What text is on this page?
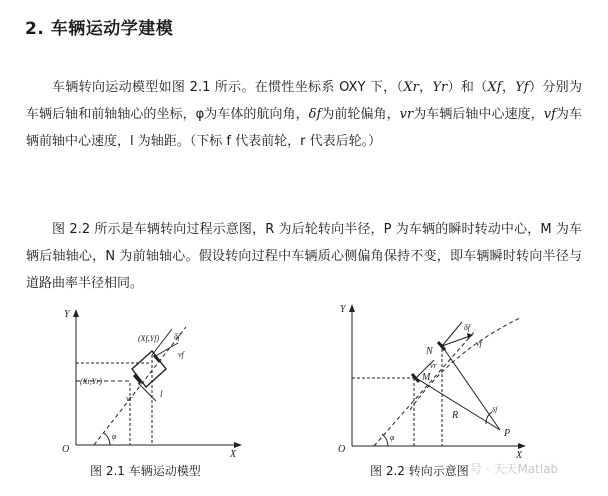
2. 车辆运动学建模
车辆转向运动模型如图 2.1 所示。在惯性坐标系 OXY 下，（Xr，Yr）和（Xf，Yf）分别为车辆后轴和前轴轴心的坐标，φ为车体的航向角，δf为前轮偏角，vr为车辆后轴中心速度，vf为车辆前轴中心速度，l 为轴距。（下标 f 代表前轮，r 代表后轮。）
图 2.2 所示是车辆转向过程示意图，R 为后轮转向半径，P 为车辆的瞬时转动中心，M 为车辆后轴轴心，N 为前轴轴心。假设转向过程中车辆质心侧偏角保持不变，即车辆瞬时转向半径与道路曲率半径相同。
Y
X
O
(Xf,Yf)
(Xr,Yr)
δf
vf
vr	l
φ
Y
X
O
N
M
R
P
δf
δf
vf
vr
φ
图 2.1 车辆运动模型	图 2.2 转向示意图 号 · 天天Matlab
